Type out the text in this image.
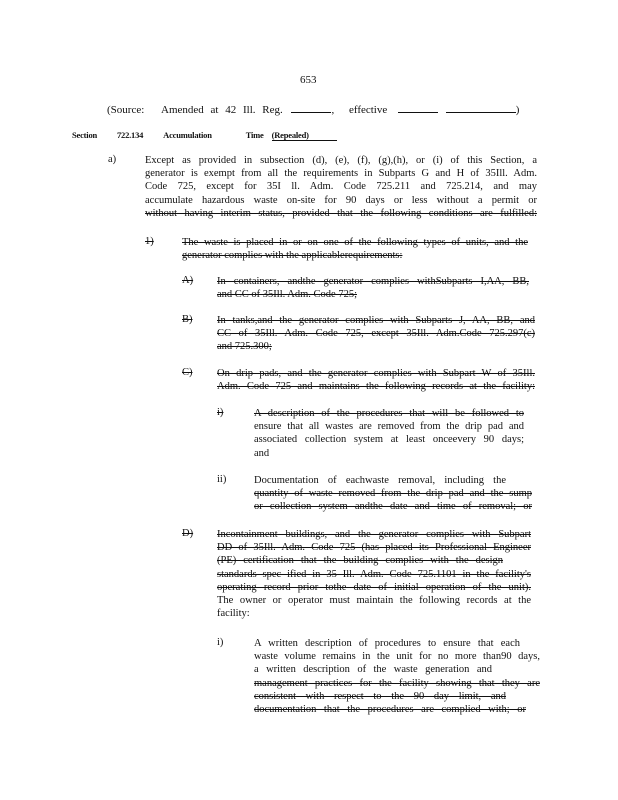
653
(Source: Amended at 42 Ill. Reg.	, effective	)
Section 722.134 Accumulation	Time (Repealed)
a)	Except as provided in subsection (d), (e), (f), (g),(h), or (i) of this Section, a
generator is exempt from all the requirements in Subparts G and H of 35Ill. Adm.
Code 725, except for 35I ll. Adm. Code 725.211 and 725.214, and may
accumulate hazardous waste on-site for 90 days or less without a permit or
without having interim status, provided that the following conditions are fulfilled:
1)	The waste is placed in or on one of the following types of units, and the
generator complies with the applicablerequirements:
A) In containers, andthe generator complies withSubparts I,AA, BB,
and CC of 35Ill. Adm. Code 725;
B) In tanks,and the generator complies with Subparts J, AA, BB, and
CC of 35Ill. Adm. Code 725, except 35Ill. Adm.Code 725.297(c)
and 725.300;
C) On drip pads, and the generator complies with Subpart W of 35Ill.
Adm. Code 725 and maintains the following records at the facility:
i)	A description of the procedures that will be followed to
ensure that all wastes are removed from the drip pad and
associated collection system at least onceevery 90 days;
and
ii)	Documentation of eachwaste removal, including the
quantity of waste removed from the drip pad and the sump
or collection system andthe date and time of removal; or
D) Incontainment buildings, and the generator complies with Subpart
DD of 35Ill. Adm. Code 725 (has placed its Professional Engineer
(PE) certification that the building complies with the design
standards spec ified in 35 Ill. Adm. Code 725.1101 in the facility's
operating record prior tothe date of initial operation of the unit).
The owner or operator must maintain the following records at the
facility:
i)	A written description of procedures to ensure that each
waste volume remains in the unit for no more than90 days,
a written description of the waste generation and
management practices for the facility showing that they are
consistent with respect to the 90 day limit, and
documentation that the procedures are complied with; or
